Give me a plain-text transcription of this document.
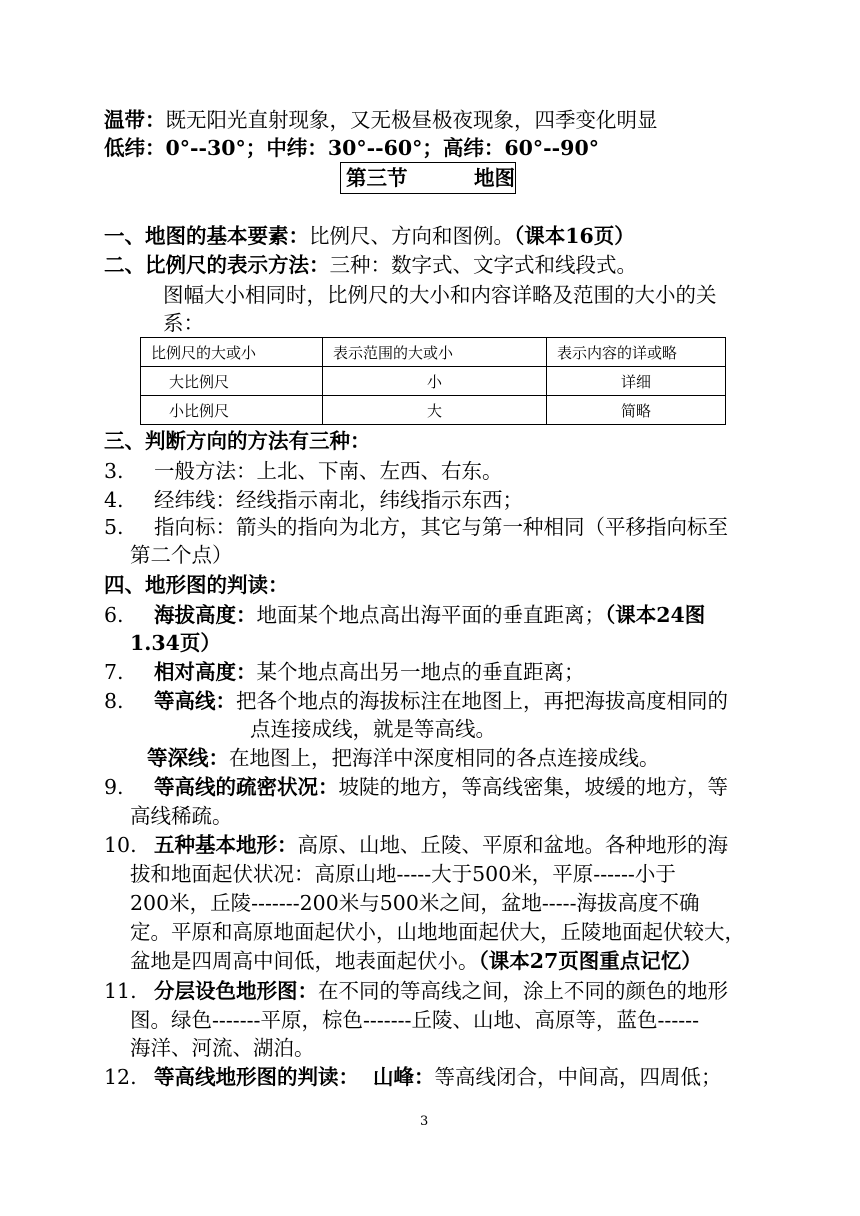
温带：既无阳光直射现象，又无极昼极夜现象，四季变化明显
低纬：0°--30°；中纬：30°--60°；高纬：60°--90°
第三节	地图
一、地图的基本要素：比例尺、方向和图例。（课本16页）
二、比例尺的表示方法：三种：数字式、文字式和线段式。
图幅大小相同时，比例尺的大小和内容详略及范围的大小的关
系：
比例尺的大或小	表示范围的大或小	表示内容的详或略
大比例尺	小	详细
小比例尺	大	简略
三、判断方向的方法有三种：
3. 一般方法：上北、下南、左西、右东。
4. 经纬线：经线指示南北，纬线指示东西；
5. 指向标：箭头的指向为北方，其它与第一种相同（平移指向标至
第二个点）
四、地形图的判读：
6. 海拔高度：地面某个地点高出海平面的垂直距离；（课本24图
1.34页）
7. 相对高度：某个地点高出另一地点的垂直距离；
8. 等高线：把各个地点的海拔标注在地图上，再把海拔高度相同的
点连接成线，就是等高线。
等深线：在地图上，把海洋中深度相同的各点连接成线。
9. 等高线的疏密状况：坡陡的地方，等高线密集，坡缓的地方，等
高线稀疏。
10. 五种基本地形：高原、山地、丘陵、平原和盆地。各种地形的海
拔和地面起伏状况：高原山地-----大于500米，平原------小于
200米，丘陵-------200米与500米之间，盆地-----海拔高度不确
定。平原和高原地面起伏小，山地地面起伏大，丘陵地面起伏较大，
盆地是四周高中间低，地表面起伏小。（课本27页图重点记忆）
11. 分层设色地形图：在不同的等高线之间，涂上不同的颜色的地形
图。绿色-------平原，棕色-------丘陵、山地、高原等，蓝色------
海洋、河流、湖泊。
12. 等高线地形图的判读： 山峰：等高线闭合，中间高，四周低；
3
